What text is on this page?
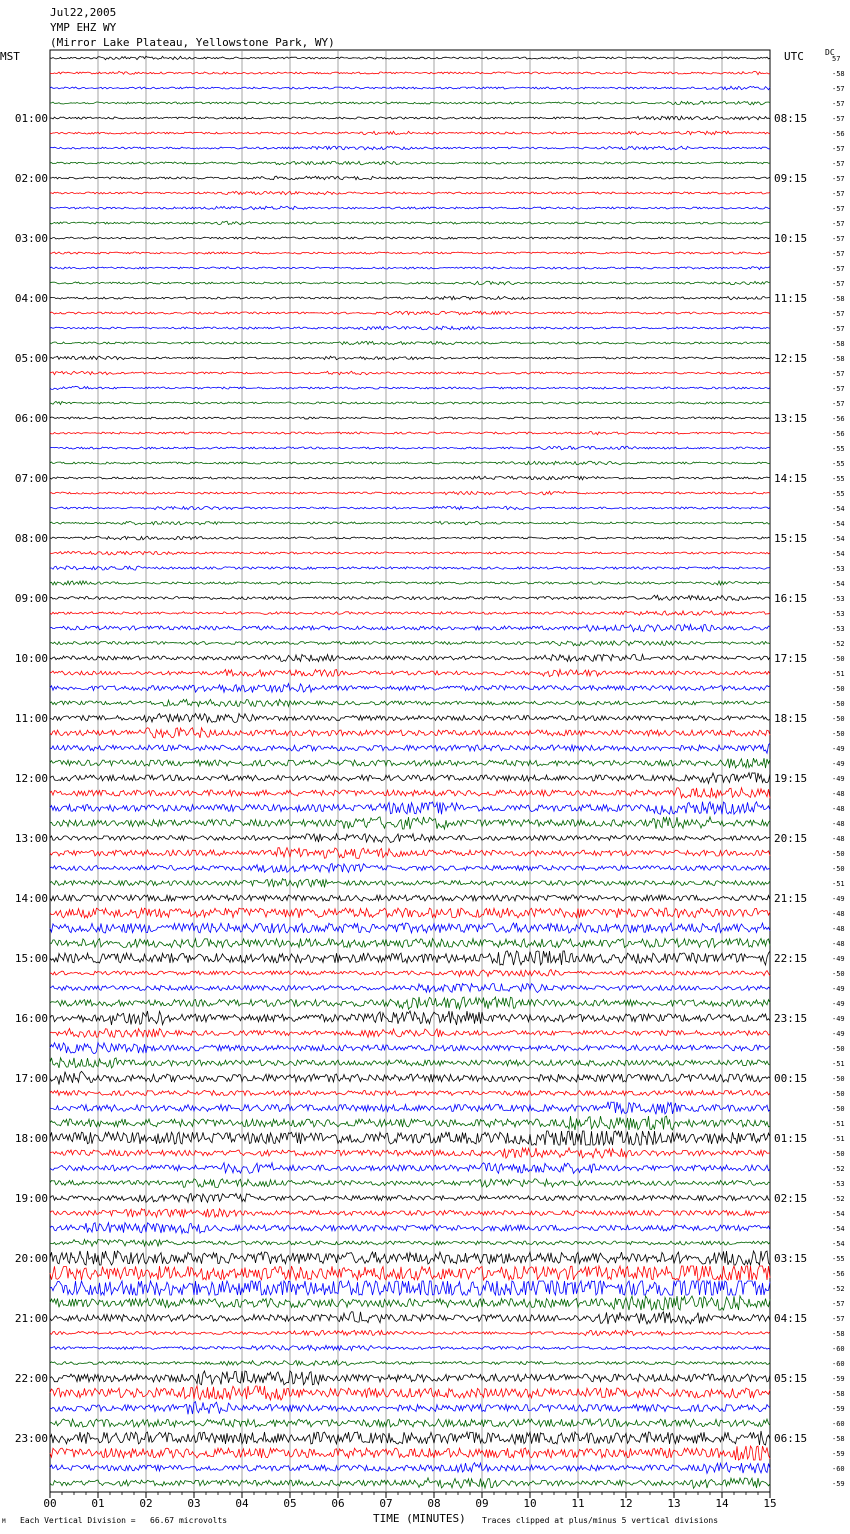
Jul22,2005
YMP EHZ WY
(Mirror Lake Plateau, Yellowstone Park, WY)
MST	UTC	DC
01:00
02:00
03:00
04:00
05:00
06:00
07:00
08:00
09:00
10:00
11:00
12:00
13:00
14:00
15:00
16:00
17:00
18:00
19:00
20:00
21:00
22:00
23:00
08:15
09:15
10:15
11:15
12:15
13:15
14:15
15:15
16:15
17:15
18:15
19:15
20:15
21:15
22:15
23:15
00:15
01:15
02:15
03:15
04:15
05:15
06:15
57
-58
-57
-57
-57
-56
-57
-57
-57
-57
-57
-57
-57
-57
-57
-57
-58
-57
-57
-58
-58
-57
-57
-57
-56
-56
-55
-55
-55
-55
-54
-54
-54
-54
-53
-54
-53
-53
-53
-52
-50
-51
-50
-50
-50
-50
-49
-49
-49
-48
-48
-48
-48
-50
-50
-51
-49
-48
-48
-48
-49
-50
-49
-49
-49
-49
-50
-51
-50
-50
-50
-51
-51
-50
-52
-53
-52
-54
-54
-54
-55
-56
-52
-57
-57
-58
-60
-60
-59
-58
-59
-60
-58
-59
-60
-59
00	01	02	03	04	05	06	07	08	09	10	11	12	13	14	15
TIME (MINUTES)
M Each Vertical Division =   66.67 microvolts	Traces clipped at plus/minus 5 vertical divisions
